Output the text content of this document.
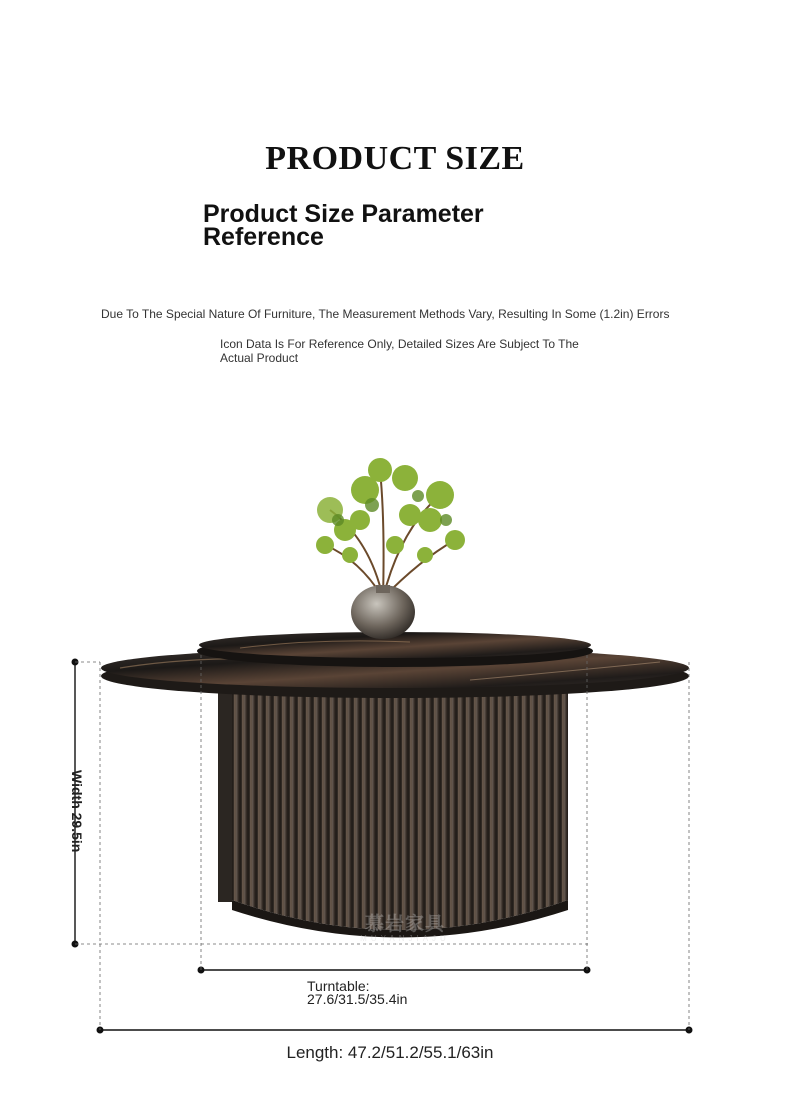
PRODUCT SIZE
Product Size Parameter
Reference
Due To The Special Nature Of Furniture, The Measurement Methods Vary, Resulting In Some (1.2in) Errors
Icon Data Is For Reference Only, Detailed Sizes Are Subject To The
Actual Product
慕岩家具
MUYANJIAJU
Width 29.5in
Turntable:
27.6/31.5/35.4in
Length: 47.2/51.2/55.1/63in
